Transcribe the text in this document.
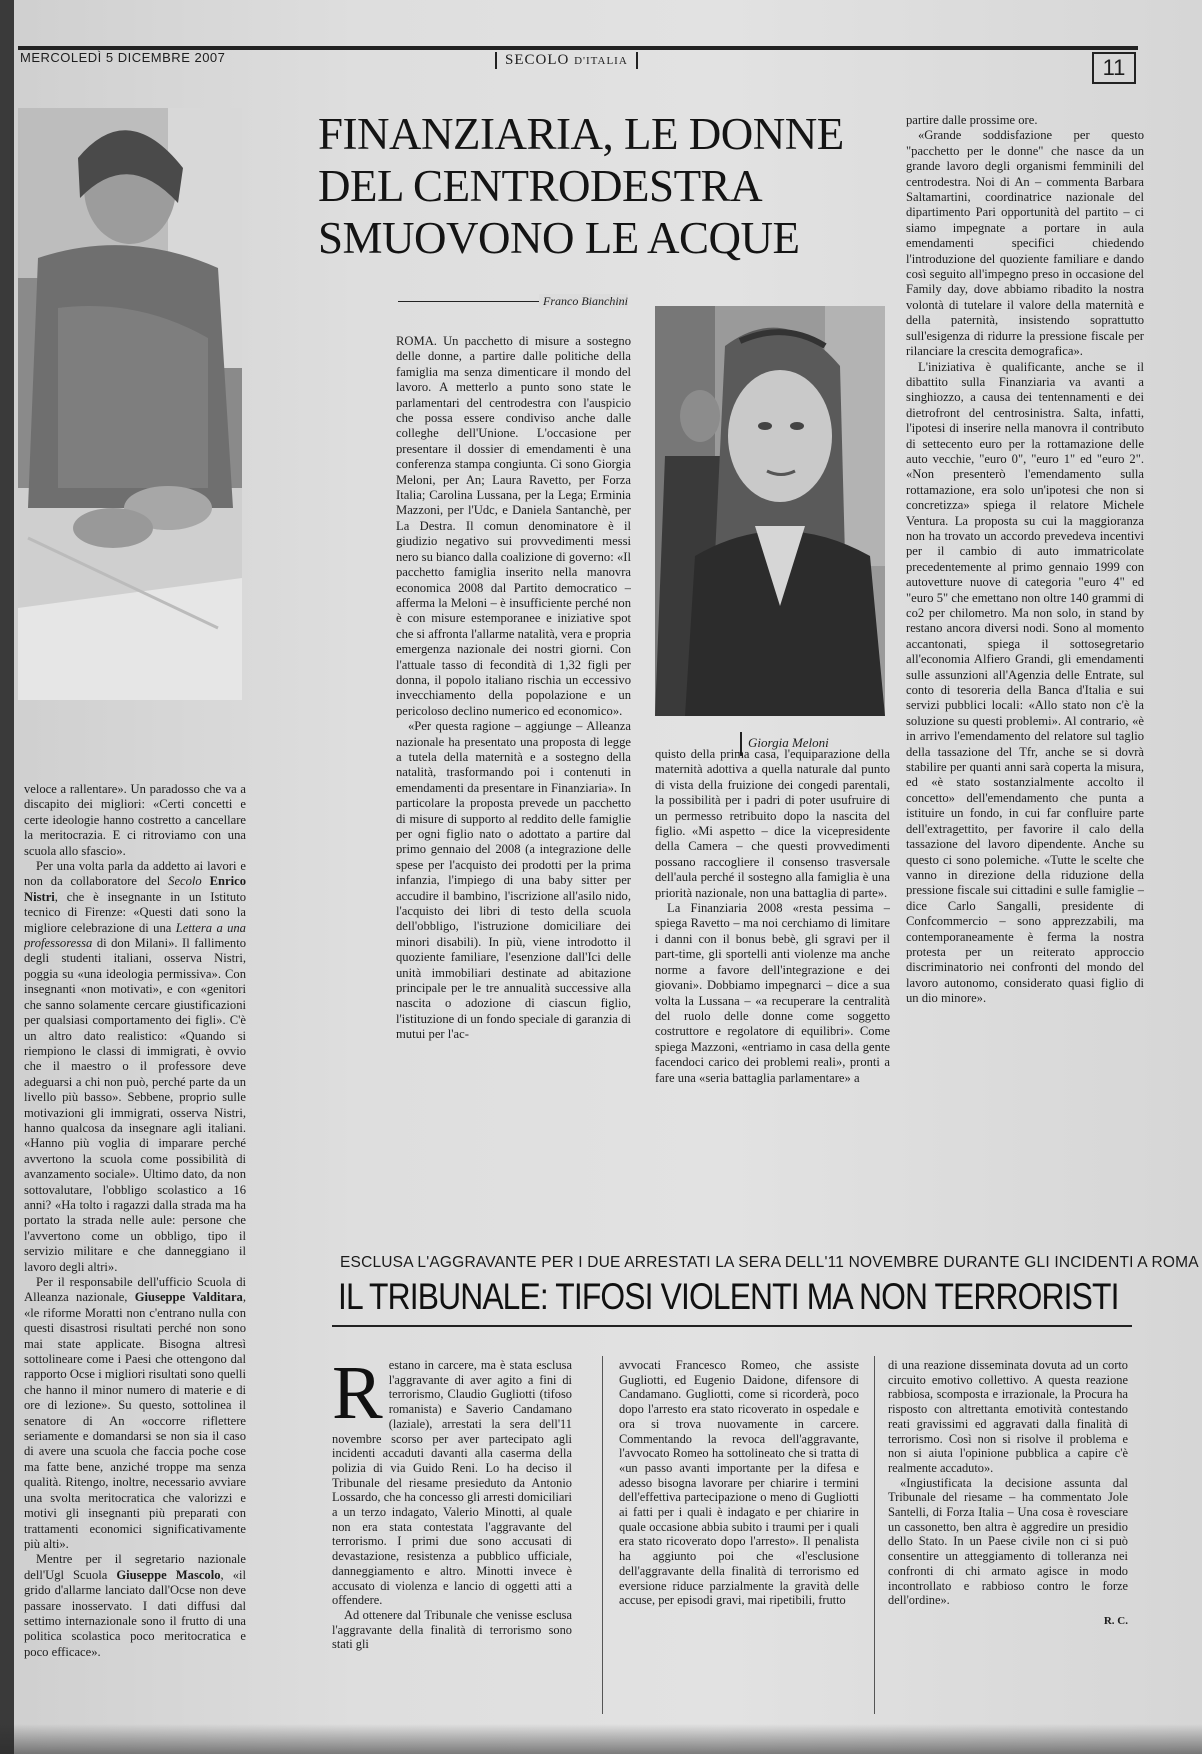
MERCOLEDÌ 5 DICEMBRE 2007	SECOLO D'ITALIA	11
FINANZIARIA, LE DONNE DEL CENTRODESTRA SMUOVONO LE ACQUE
Franco Bianchini
Giorgia Meloni

ROMA. Un pacchetto di misure a sostegno delle donne, a partire dalle politiche della famiglia ma senza dimenticare il mondo del lavoro. A metterlo a punto sono state le parlamentari del centrodestra con l'auspicio che possa essere condiviso anche dalle colleghe dell'Unione. L'occasione per presentare il dossier di emendamenti è una conferenza stampa congiunta. Ci sono Giorgia Meloni, per An; Laura Ravetto, per Forza Italia; Carolina Lussana, per la Lega; Erminia Mazzoni, per l'Udc, e Daniela Santanchè, per La Destra. Il comun denominatore è il giudizio negativo sui provvedimenti messi nero su bianco dalla coalizione di governo: «Il pacchetto famiglia inserito nella manovra economica 2008 dal Partito democratico – afferma la Meloni – è insufficiente perché non è con misure estemporanee e iniziative spot che si affronta l'allarme natalità, vera e propria emergenza nazionale dei nostri giorni. Con l'attuale tasso di fecondità di 1,32 figli per donna, il popolo italiano rischia un eccessivo invecchiamento della popolazione e un pericoloso declino numerico ed economico».

«Per questa ragione – aggiunge – Alleanza nazionale ha presentato una proposta di legge a tutela della maternità e a sostegno della natalità, trasformando poi i contenuti in emendamenti da presentare in Finanziaria». In particolare la proposta prevede un pacchetto di misure di supporto al reddito delle famiglie per ogni figlio nato o adottato a partire dal primo gennaio del 2008 (a integrazione delle spese per l'acquisto dei prodotti per la prima infanzia, l'impiego di una baby sitter per accudire il bambino, l'iscrizione all'asilo nido, l'acquisto dei libri di testo della scuola dell'obbligo, l'istruzione domiciliare dei minori disabili). In più, viene introdotto il quoziente familiare, l'esenzione dall'Ici delle unità immobiliari destinate ad abitazione principale per le tre annualità successive alla nascita o adozione di ciascun figlio, l'istituzione di un fondo speciale di garanzia di mutui per l'ac-

quisto della prima casa, l'equiparazione della maternità adottiva a quella naturale dal punto di vista della fruizione dei congedi parentali, la possibilità per i padri di poter usufruire di un permesso retribuito dopo la nascita del figlio. «Mi aspetto – dice la vicepresidente della Camera – che questi provvedimenti possano raccogliere il consenso trasversale dell'aula perché il sostegno alla famiglia è una priorità nazionale, non una battaglia di parte».

La Finanziaria 2008 «resta pessima – spiega Ravetto – ma noi cerchiamo di limitare i danni con il bonus bebè, gli sgravi per il part-time, gli sportelli anti violenze ma anche norme a favore dell'integrazione e dei giovani». Dobbiamo impegnarci – dice a sua volta la Lussana – «a recuperare la centralità del ruolo delle donne come soggetto costruttore e regolatore di equilibri». Come spiega Mazzoni, «entriamo in casa della gente facendoci carico dei problemi reali», pronti a fare una «seria battaglia parlamentare» a

partire dalle prossime ore.

«Grande soddisfazione per questo "pacchetto per le donne" che nasce da un grande lavoro degli organismi femminili del centrodestra. Noi di An – commenta Barbara Saltamartini, coordinatrice nazionale del dipartimento Pari opportunità del partito – ci siamo impegnate a portare in aula emendamenti specifici chiedendo l'introduzione del quoziente familiare e dando così seguito all'impegno preso in occasione del Family day, dove abbiamo ribadito la nostra volontà di tutelare il valore della maternità e della paternità, insistendo soprattutto sull'esigenza di ridurre la pressione fiscale per rilanciare la crescita demografica».

L'iniziativa è qualificante, anche se il dibattito sulla Finanziaria va avanti a singhiozzo, a causa dei tentennamenti e dei dietrofront del centrosinistra. Salta, infatti, l'ipotesi di inserire nella manovra il contributo di settecento euro per la rottamazione delle auto vecchie, "euro 0", "euro 1" ed "euro 2". «Non presenterò l'emendamento sulla rottamazione, era solo un'ipotesi che non si concretizza» spiega il relatore Michele Ventura. La proposta su cui la maggioranza non ha trovato un accordo prevedeva incentivi per il cambio di auto immatricolate precedentemente al primo gennaio 1999 con autovetture nuove di categoria "euro 4" ed "euro 5" che emettano non oltre 140 grammi di co2 per chilometro. Ma non solo, in stand by restano ancora diversi nodi. Sono al momento accantonati, spiega il sottosegretario all'economia Alfiero Grandi, gli emendamenti sulle assunzioni all'Agenzia delle Entrate, sul conto di tesoreria della Banca d'Italia e sui servizi pubblici locali: «Allo stato non c'è la soluzione su questi problemi». Al contrario, «è in arrivo l'emendamento del relatore sul taglio della tassazione del Tfr, anche se si dovrà stabilire per quanti anni sarà coperta la misura, ed «è stato sostanzialmente accolto il concetto» dell'emendamento che punta a istituire un fondo, in cui far confluire parte dell'extragettito, per favorire il calo della tassazione del lavoro dipendente. Anche su questo ci sono polemiche. «Tutte le scelte che vanno in direzione della riduzione della pressione fiscale sui cittadini e sulle famiglie – dice Carlo Sangalli, presidente di Confcommercio – sono apprezzabili, ma contemporaneamente è ferma la nostra protesta per un reiterato approccio discriminatorio nei confronti del mondo del lavoro autonomo, considerato quasi figlio di un dio minore».

veloce a rallentare». Un paradosso che va a discapito dei migliori: «Certi concetti e certe ideologie hanno costretto a cancellare la meritocrazia. E ci ritroviamo con una scuola allo sfascio».

Per una volta parla da addetto ai lavori e non da collaboratore del Secolo Enrico Nistri, che è insegnante in un Istituto tecnico di Firenze: «Questi dati sono la migliore celebrazione di una Lettera a una professoressa di don Milani». Il fallimento degli studenti italiani, osserva Nistri, poggia su «una ideologia permissiva». Con insegnanti «non motivati», e con «genitori che sanno solamente cercare giustificazioni per qualsiasi comportamento dei figli». C'è un altro dato realistico: «Quando si riempiono le classi di immigrati, è ovvio che il maestro o il professore deve adeguarsi a chi non può, perché parte da un livello più basso». Sebbene, proprio sulle motivazioni gli immigrati, osserva Nistri, hanno qualcosa da insegnare agli italiani. «Hanno più voglia di imparare perché avvertono la scuola come possibilità di avanzamento sociale». Ultimo dato, da non sottovalutare, l'obbligo scolastico a 16 anni? «Ha tolto i ragazzi dalla strada ma ha portato la strada nelle aule: persone che l'avvertono come un obbligo, tipo il servizio militare e che danneggiano il lavoro degli altri».

Per il responsabile dell'ufficio Scuola di Alleanza nazionale, Giuseppe Valditara, «le riforme Moratti non c'entrano nulla con questi disastrosi risultati perché non sono mai state applicate. Bisogna altresì sottolineare come i Paesi che ottengono dal rapporto Ocse i migliori risultati sono quelli che hanno il minor numero di materie e di ore di lezione». Su questo, sottolinea il senatore di An «occorre riflettere seriamente e domandarsi se non sia il caso di avere una scuola che faccia poche cose ma fatte bene, anziché troppe ma senza qualità. Ritengo, inoltre, necessario avviare una svolta meritocratica che valorizzi e motivi gli insegnanti più preparati con trattamenti economici significativamente più alti».

Mentre per il segretario nazionale dell'Ugl Scuola Giuseppe Mascolo, «il grido d'allarme lanciato dall'Ocse non deve passare inosservato. I dati diffusi dal settimo internazionale sono il frutto di una politica scolastica poco meritocratica e poco efficace».

ESCLUSA L'AGGRAVANTE PER I DUE ARRESTATI LA SERA DELL'11 NOVEMBRE DURANTE GLI INCIDENTI A ROMA
IL TRIBUNALE: TIFOSI VIOLENTI MA NON TERRORISTI

Restano in carcere, ma è stata esclusa l'aggravante di aver agito a fini di terrorismo, Claudio Gugliotti (tifoso romanista) e Saverio Candamano (laziale), arrestati la sera dell'11 novembre scorso per aver partecipato agli incidenti accaduti davanti alla caserma della polizia di via Guido Reni. Lo ha deciso il Tribunale del riesame presieduto da Antonio Lossardo, che ha concesso gli arresti domiciliari a un terzo indagato, Valerio Minotti, al quale non era stata contestata l'aggravante del terrorismo. I primi due sono accusati di devastazione, resistenza a pubblico ufficiale, danneggiamento e altro. Minotti invece è accusato di violenza e lancio di oggetti atti a offendere.

Ad ottenere dal Tribunale che venisse esclusa l'aggravante della finalità di terrorismo sono stati gli

avvocati Francesco Romeo, che assiste Gugliotti, ed Eugenio Daidone, difensore di Candamano. Gugliotti, come si ricorderà, poco dopo l'arresto era stato ricoverato in ospedale e ora si trova nuovamente in carcere. Commentando la revoca dell'aggravante, l'avvocato Romeo ha sottolineato che si tratta di «un passo avanti importante per la difesa e adesso bisogna lavorare per chiarire i termini dell'effettiva partecipazione o meno di Gugliotti ai fatti per i quali è indagato e per chiarire in quale occasione abbia subito i traumi per i quali era stato ricoverato dopo l'arresto». Il penalista ha aggiunto poi che «l'esclusione dell'aggravante della finalità di terrorismo ed eversione riduce parzialmente la gravità delle accuse, per episodi gravi, mai ripetibili, frutto

di una reazione disseminata dovuta ad un corto circuito emotivo collettivo. A questa reazione rabbiosa, scomposta e irrazionale, la Procura ha risposto con altrettanta emotività contestando reati gravissimi ed aggravati dalla finalità di terrorismo. Così non si risolve il problema e non si aiuta l'opinione pubblica a capire c'è realmente accaduto».

«Ingiustificata la decisione assunta dal Tribunale del riesame – ha commentato Jole Santelli, di Forza Italia – Una cosa è rovesciare un cassonetto, ben altra è aggredire un presidio dello Stato. In un Paese civile non ci si può consentire un atteggiamento di tolleranza nei confronti di chi armato agisce in modo incontrollato e rabbioso contro le forze dell'ordine».

R. C.
